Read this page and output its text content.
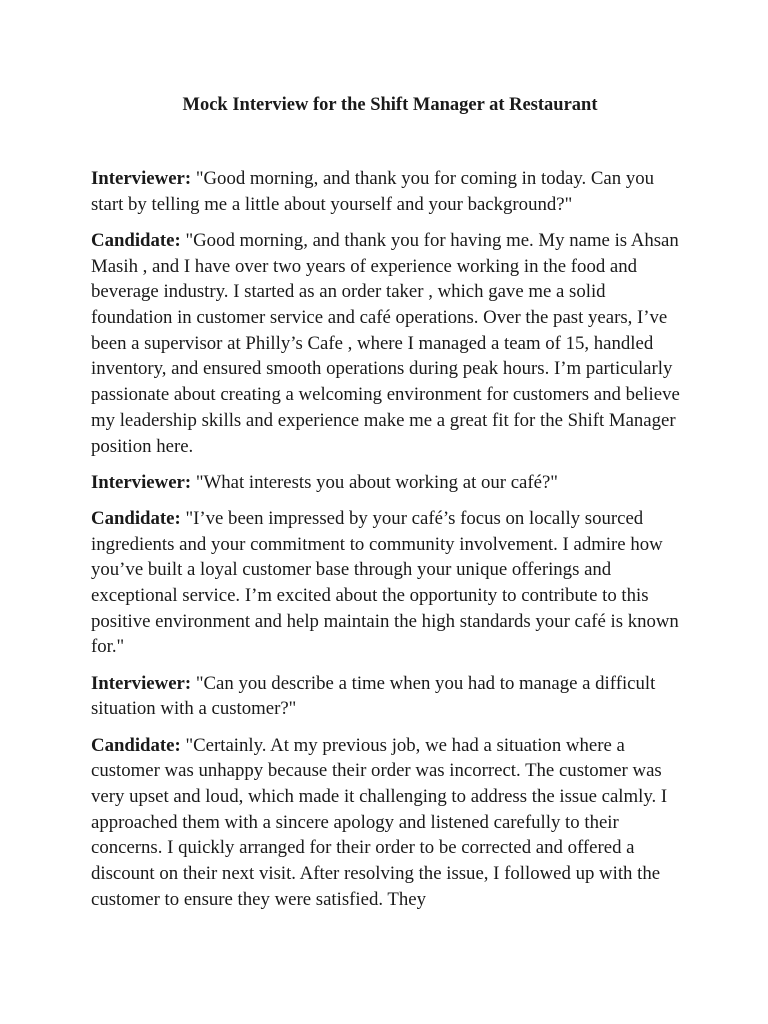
Mock Interview for the Shift Manager at Restaurant

Interviewer: "Good morning, and thank you for coming in today. Can you start by telling me a little about yourself and your background?"

Candidate: "Good morning, and thank you for having me. My name is Ahsan Masih , and I have over two years of experience working in the food and beverage industry. I started as an order taker , which gave me a solid foundation in customer service and café operations. Over the past years, I’ve been a supervisor at Philly’s Cafe , where I managed a team of 15, handled inventory, and ensured smooth operations during peak hours. I’m particularly passionate about creating a welcoming environment for customers and believe my leadership skills and experience make me a great fit for the Shift Manager position here.

Interviewer: "What interests you about working at our café?"

Candidate: "I’ve been impressed by your café’s focus on locally sourced ingredients and your commitment to community involvement. I admire how you’ve built a loyal customer base through your unique offerings and exceptional service. I’m excited about the opportunity to contribute to this positive environment and help maintain the high standards your café is known for."

Interviewer: "Can you describe a time when you had to manage a difficult situation with a customer?"

Candidate: "Certainly. At my previous job, we had a situation where a customer was unhappy because their order was incorrect. The customer was very upset and loud, which made it challenging to address the issue calmly. I approached them with a sincere apology and listened carefully to their concerns. I quickly arranged for their order to be corrected and offered a discount on their next visit. After resolving the issue, I followed up with the customer to ensure they were satisfied. They
